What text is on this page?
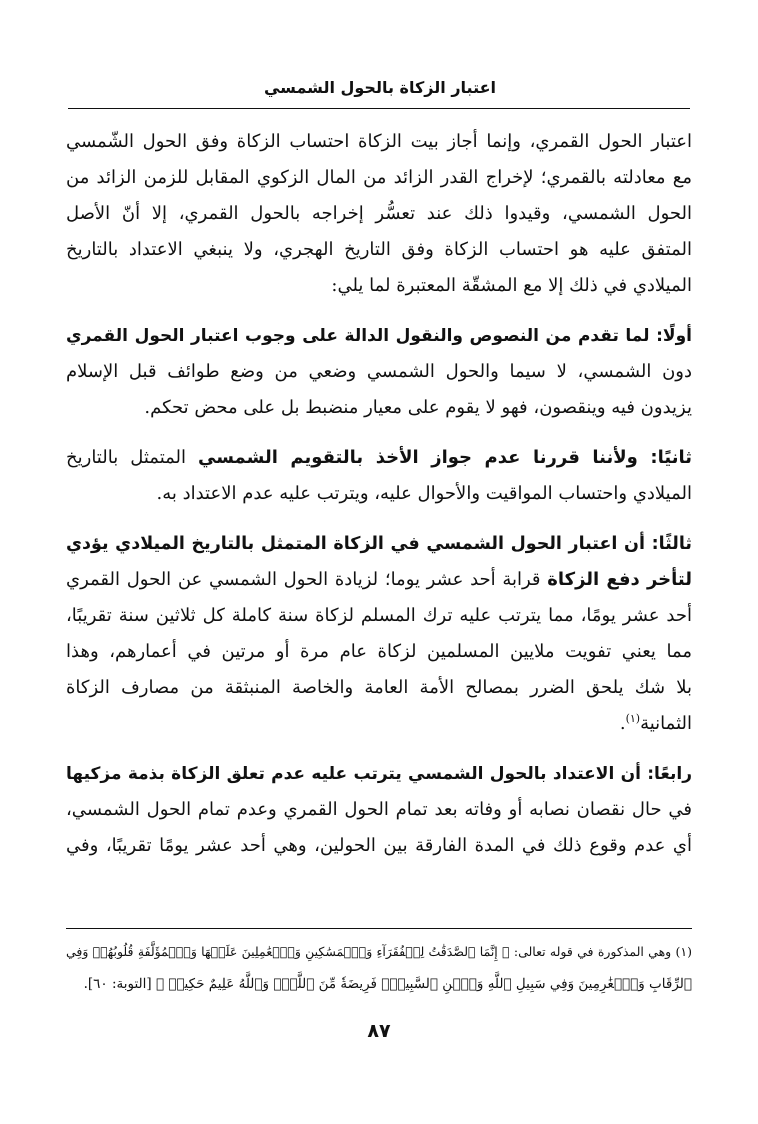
اعتبار الزكاة بالحول الشمسي
اعتبار الحول القمري، وإنما أجاز بيت الزكاة احتساب الزكاة وفق الحول الشّمسي
مع معادلته بالقمري؛ لإخراج القدر الزائد من المال الزكوي المقابل للزمن الزائد من
الحول الشمسي، وقيدوا ذلك عند تعسُّر إخراجه بالحول القمري، إلا أنّ الأصل
المتفق عليه هو احتساب الزكاة وفق التاريخ الهجري، ولا ينبغي الاعتداد بالتاريخ
الميلادي في ذلك إلا مع المشقّة المعتبرة لما يلي:
أولًا: لما تقدم من النصوص والنقول الدالة على وجوب اعتبار الحول القمري
دون الشمسي، لا سيما والحول الشمسي وضعي من وضع طوائف قبل الإسلام
يزيدون فيه وينقصون، فهو لا يقوم على معيار منضبط بل على محض تحكم.
ثانيًا: ولأننا قررنا عدم جواز الأخذ بالتقويم الشمسي المتمثل بالتاريخ
الميلادي واحتساب المواقيت والأحوال عليه، ويترتب عليه عدم الاعتداد به.
ثالثًا: أن اعتبار الحول الشمسي في الزكاة المتمثل بالتاريخ الميلادي يؤدي
لتأخر دفع الزكاة قرابة أحد عشر يوما؛ لزيادة الحول الشمسي عن الحول القمري
أحد عشر يومًا، مما يترتب عليه ترك المسلم لزكاة سنة كاملة كل ثلاثين سنة تقريبًا،
مما يعني تفويت ملايين المسلمين لزكاة عام مرة أو مرتين في أعمارهم، وهذا
بلا شك يلحق الضرر بمصالح الأمة العامة والخاصة المنبثقة من مصارف الزكاة
الثمانية$^{(١)}$.
رابعًا: أن الاعتداد بالحول الشمسي يترتب عليه عدم تعلق الزكاة بذمة مزكيها
في حال نقصان نصابه أو وفاته بعد تمام الحول القمري وعدم تمام الحول الشمسي،
أي عدم وقوع ذلك في المدة الفارقة بين الحولين، وهي أحد عشر يومًا تقريبًا، وفي
(١) وهي المذكورة في قوله تعالى: ﴿ إِنَّمَا ٱلصَّدَقَٰتُ لِلۡفُقَرَآءِ وَٱلۡمَسَٰكِينِ وَٱلۡعَٰمِلِينَ عَلَيۡهَا وَٱلۡمُؤَلَّفَةِ قُلُوبُهُمۡ وَفِي
ٱلرِّقَابِ وَٱلۡغَٰرِمِينَ وَفِي سَبِيلِ ٱللَّهِ وَٱبۡنِ ٱلسَّبِيلِۖ فَرِيضَةٗ مِّنَ ٱللَّهِۗ وَٱللَّهُ عَلِيمٌ حَكِيمٞ ﴾ [التوبة: ٦٠].
٨٧
